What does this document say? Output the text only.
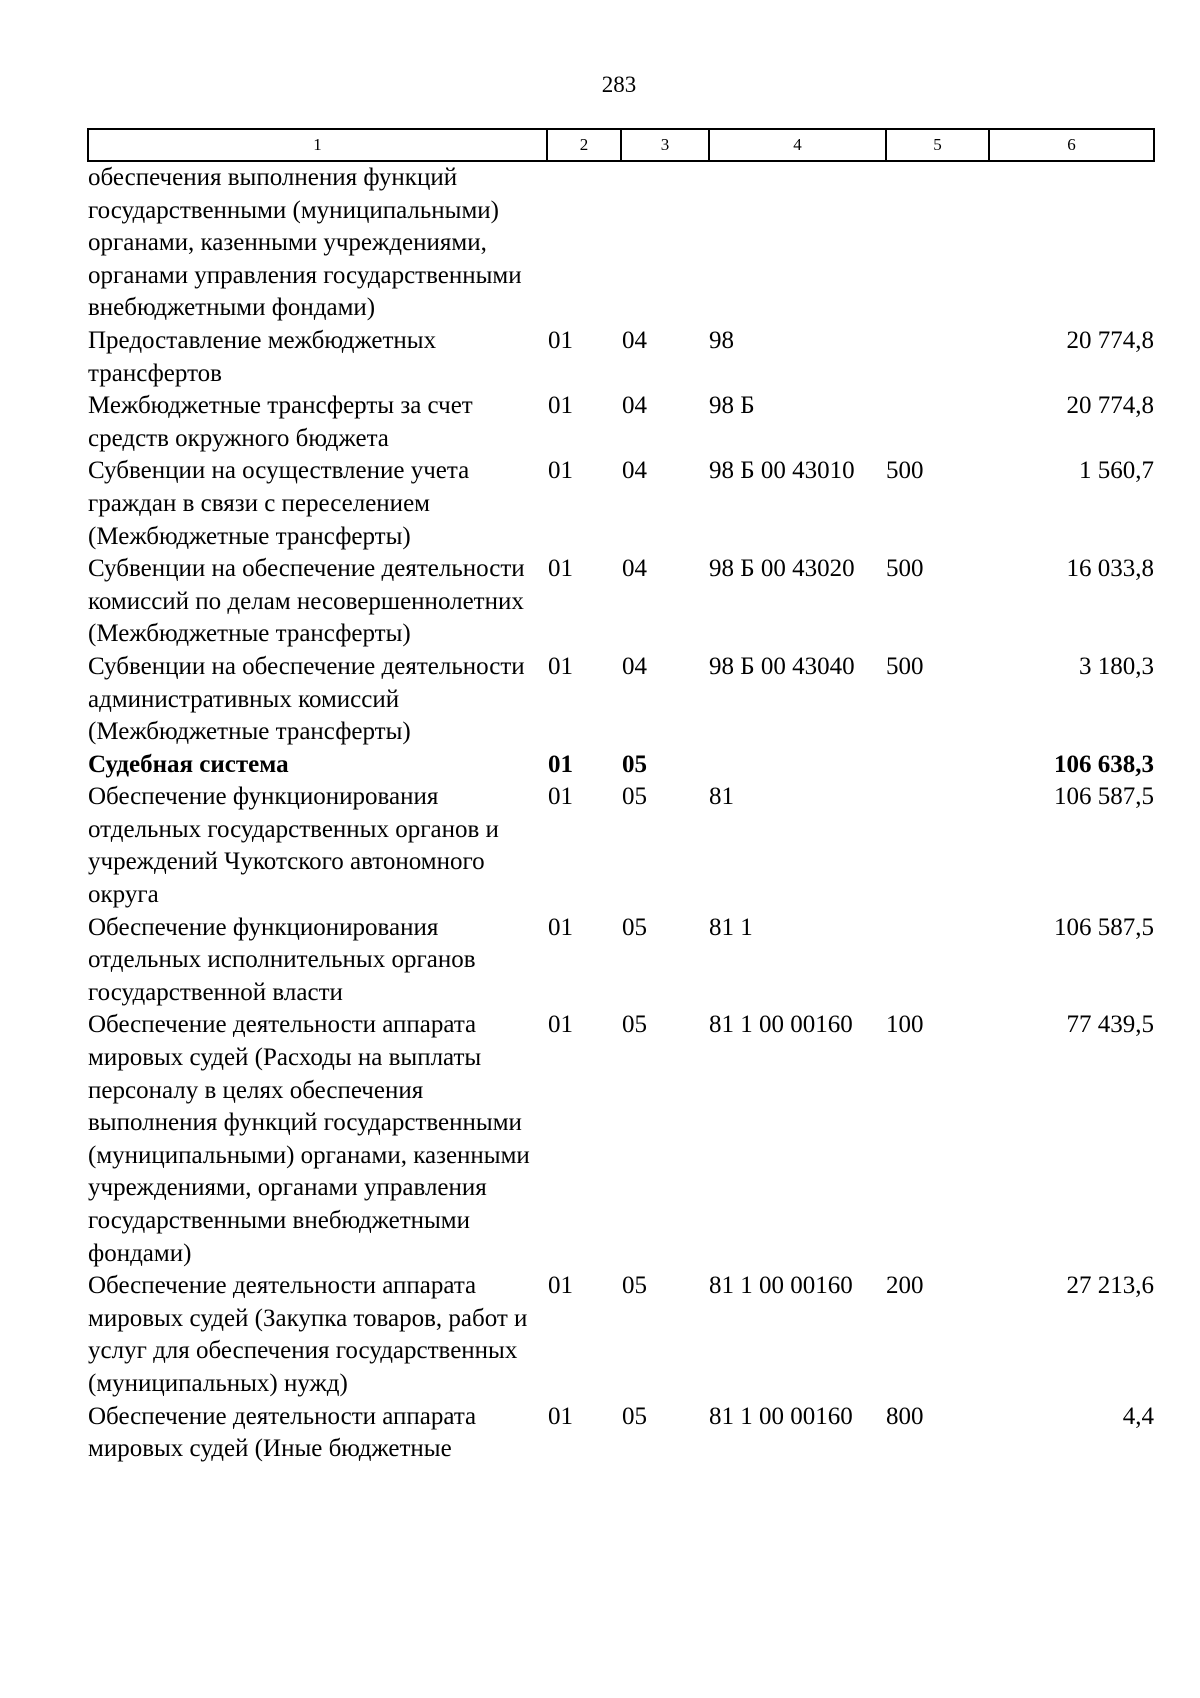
283
1	2	3	4	5	6
обеспечения выполнения функций государственными (муниципальными) органами, казенными учреждениями, органами управления государственными внебюджетными фондами)					
Предоставление межбюджетных трансфертов	01	04	98		20 774,8
Межбюджетные трансферты за счет средств окружного бюджета	01	04	98 Б		20 774,8
Субвенции на осуществление учета граждан в связи с переселением (Межбюджетные трансферты)	01	04	98 Б 00 43010	500	1 560,7
Субвенции на обеспечение деятельности комиссий по делам несовершеннолетних (Межбюджетные трансферты)	01	04	98 Б 00 43020	500	16 033,8
Субвенции на обеспечение деятельности административных комиссий (Межбюджетные трансферты)	01	04	98 Б 00 43040	500	3 180,3
Судебная система	01	05			106 638,3
Обеспечение функционирования отдельных государственных органов и учреждений Чукотского автономного округа	01	05	81		106 587,5
Обеспечение функционирования отдельных исполнительных органов государственной власти	01	05	81 1		106 587,5
Обеспечение деятельности аппарата мировых судей (Расходы на выплаты персоналу в целях обеспечения выполнения функций государственными (муниципальными) органами, казенными учреждениями, органами управления государственными внебюджетными фондами)	01	05	81 1 00 00160	100	77 439,5
Обеспечение деятельности аппарата мировых судей (Закупка товаров, работ и услуг для обеспечения государственных (муниципальных) нужд)	01	05	81 1 00 00160	200	27 213,6
Обеспечение деятельности аппарата мировых судей (Иные бюджетные	01	05	81 1 00 00160	800	4,4
